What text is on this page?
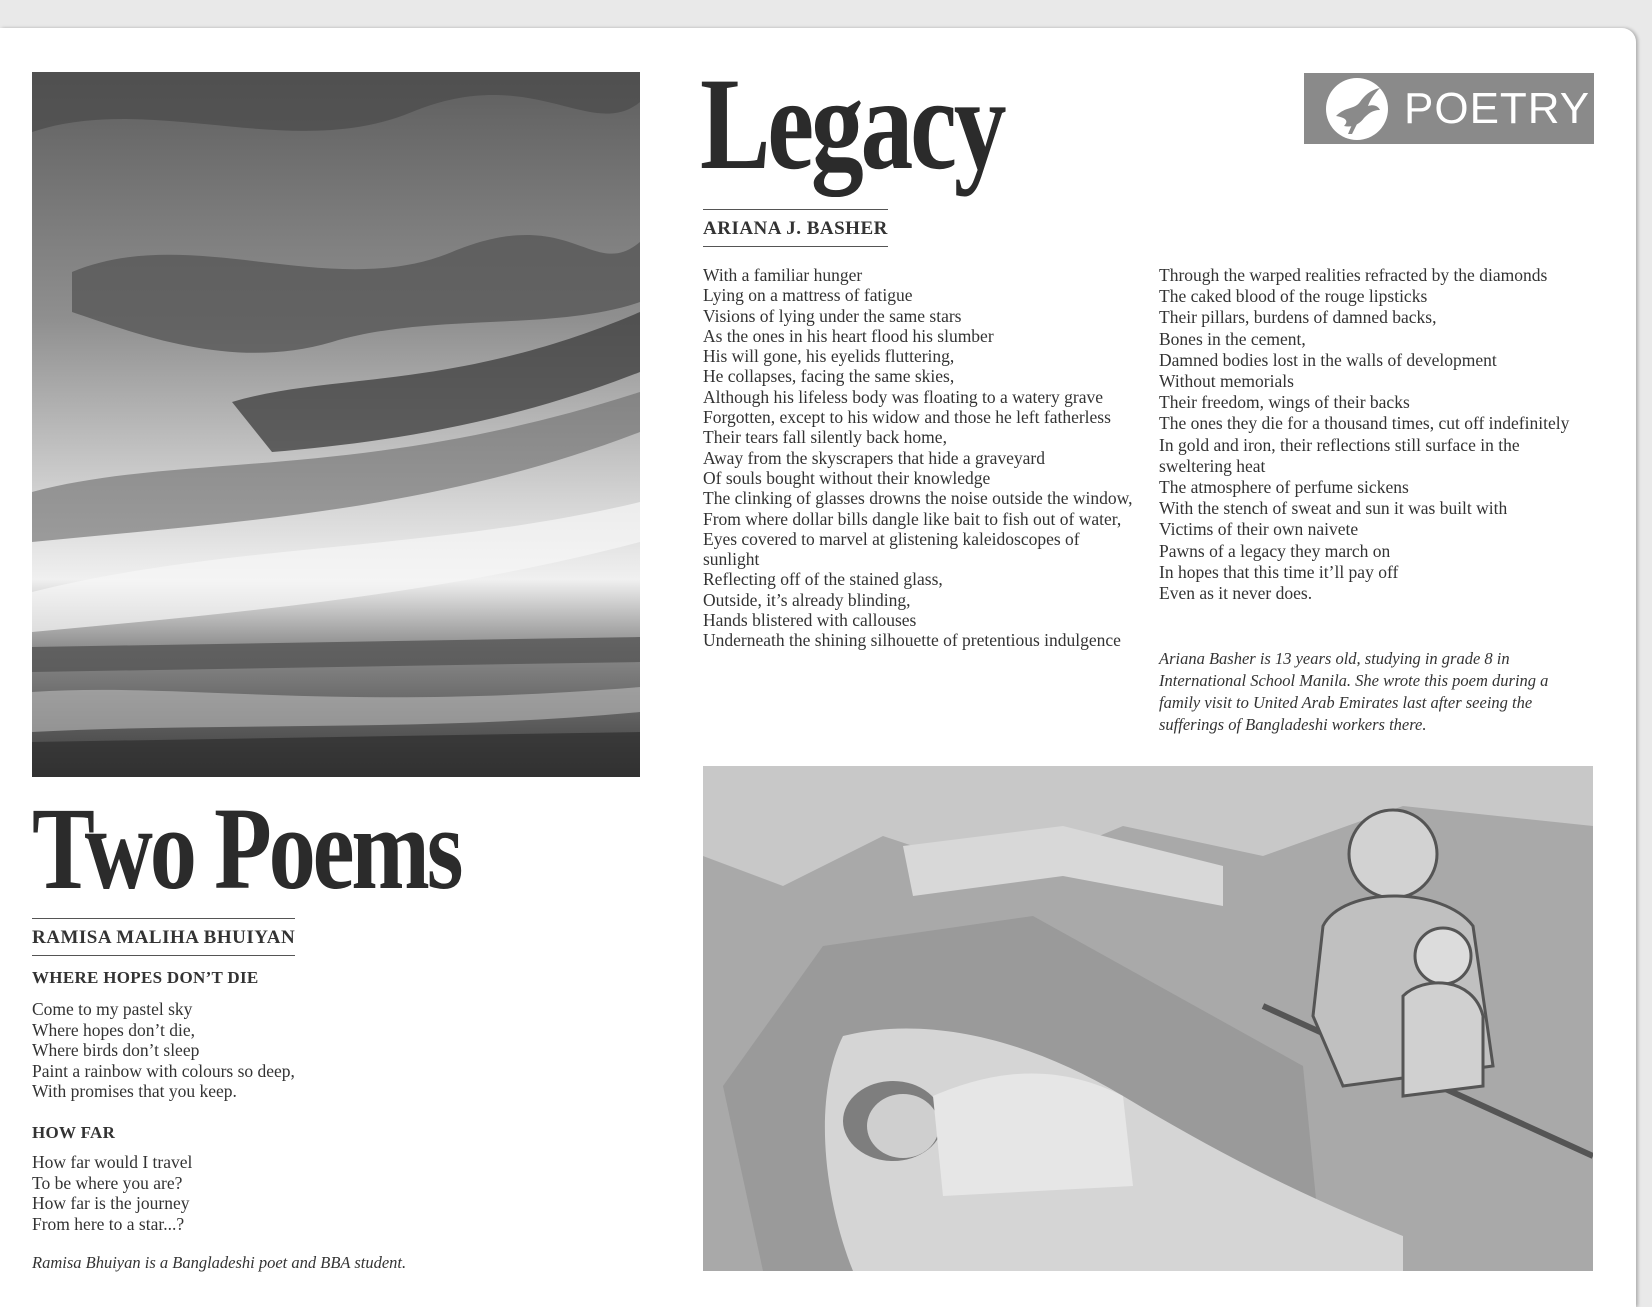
Two Poems
RAMISA MALIHA BHUIYAN
WHERE HOPES DON’T DIE
Come to my pastel sky
Where hopes don’t die,
Where birds don’t sleep
Paint a rainbow with colours so deep,
With promises that you keep.
HOW FAR
How far would I travel
To be where you are?
How far is the journey
From here to a star...?

Ramisa Bhuiyan is a Bangladeshi poet and BBA student.

Legacy	POETRY
ARIANA J. BASHER
With a familiar hunger
Lying on a mattress of fatigue
Visions of lying under the same stars
As the ones in his heart flood his slumber
His will gone, his eyelids fluttering,
He collapses, facing the same skies,
Although his lifeless body was floating to a watery grave
Forgotten, except to his widow and those he left fatherless
Their tears fall silently back home,
Away from the skyscrapers that hide a graveyard
Of souls bought without their knowledge
The clinking of glasses drowns the noise outside the window,
From where dollar bills dangle like bait to fish out of water,
Eyes covered to marvel at glistening kaleidoscopes of sunlight
Reflecting off of the stained glass,
Outside, it’s already blinding,
Hands blistered with callouses
Underneath the shining silhouette of pretentious indulgence
Through the warped realities refracted by the diamonds
The caked blood of the rouge lipsticks
Their pillars, burdens of damned backs,
Bones in the cement,
Damned bodies lost in the walls of development
Without memorials
Their freedom, wings of their backs
The ones they die for a thousand times, cut off indefinitely
In gold and iron, their reflections still surface in the sweltering heat
The atmosphere of perfume sickens
With the stench of sweat and sun it was built with
Victims of their own naivete
Pawns of a legacy they march on
In hopes that this time it’ll pay off
Even as it never does.

Ariana Basher is 13 years old, studying in grade 8 in International School Manila. She wrote this poem during a family visit to United Arab Emirates last after seeing the sufferings of Bangladeshi workers there.
